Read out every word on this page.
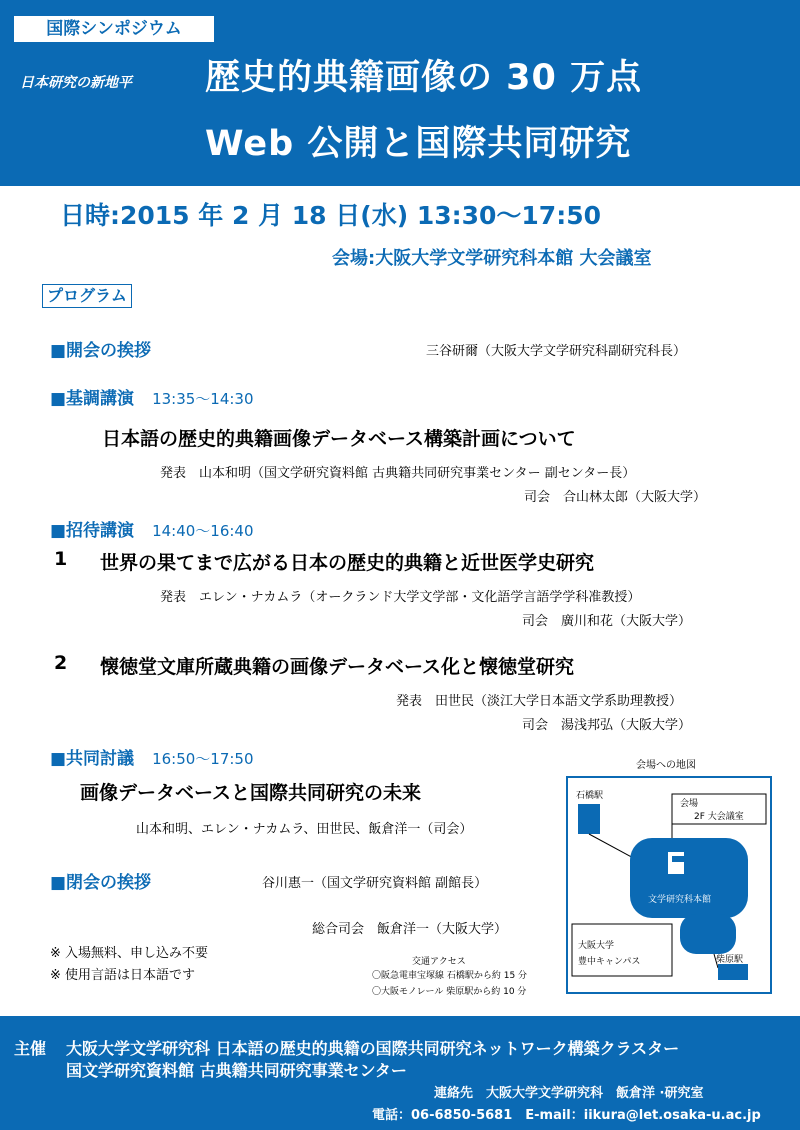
国際シンポジウム
日本研究の新地平 歴史的典籍画像の 30 万点
Web 公開と国際共同研究
日時:2015 年 2 月 18 日(水) 13:30～17:50
会場:大阪大学文学研究科本館 大会議室
プログラム
■開会の挨拶	三谷研爾（大阪大学文学研究科副研究科長）
■基調講演 13:35～14:30
日本語の歴史的典籍画像データベース構築計画について
発表　山本和明（国文学研究資料館 古典籍共同研究事業センター 副センター長）
司会　合山林太郎（大阪大学）
■招待講演 14:40～16:40
1 世界の果てまで広がる日本の歴史的典籍と近世医学史研究
発表　エレン・ナカムラ（オークランド大学文学部・文化語学言語学学科准教授）
司会　廣川和花（大阪大学）
2 懐徳堂文庫所蔵典籍の画像データベース化と懐徳堂研究
発表　田世民（淡江大学日本語文学系助理教授）
司会　湯浅邦弘（大阪大学）
■共同討議 16:50～17:50
画像データベースと国際共同研究の未来
山本和明、エレン・ナカムラ、田世民、飯倉洋一（司会）
■閉会の挨拶	谷川惠一（国文学研究資料館 副館長）
総合司会　飯倉洋一（大阪大学）
※ 入場無料、申し込み不要
※ 使用言語は日本語です
会場への地図
石橋駅
会場
2F 大会議室
文学研究科本館
大阪大学
豊中キャンパス	柴原駅
交通アクセス
〇阪急電車宝塚線 石橋駅から約 15 分
〇大阪モノレール 柴原駅から約 10 分
主催 大阪大学文学研究科 日本語の歴史的典籍の国際共同研究ネットワーク構築クラスター
国文学研究資料館 古典籍共同研究事業センター
連絡先　大阪大学文学研究科　飯倉洋 ·研究室
電話：06-6850-5681　E-mail：iikura@let.osaka-u.ac.jp
